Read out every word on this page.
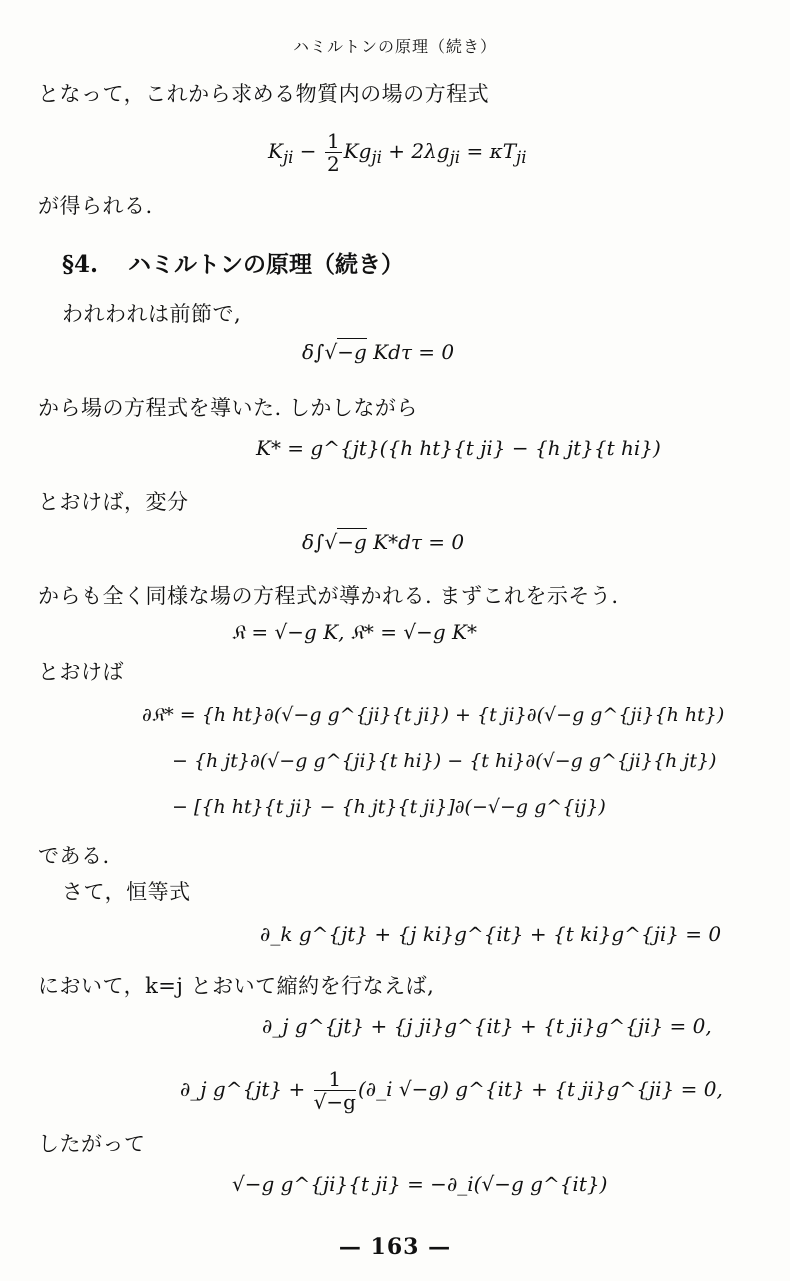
ハミルトンの原理（続き）
となって，これから求める物質内の場の方程式
$K_{ji} - \frac{1}{2} Kg_{ji} + 2\lambda g_{ji} = \kappa T_{ji}$
が得られる.
§4. ハミルトンの原理（続き）
われわれは前節で,
δ∫√−g Kdτ = 0
から場の方程式を導いた. しかしながら
K* = g^{jt}({h ht}{t ji} − {h jt}{t hi})
とおけば，変分
δ∫√−g K*dτ = 0
からも全く同様な場の方程式が導かれる. まずこれを示そう.
𝔎 = √−g K, 𝔎* = √−g K*
とおけば
∂𝔎* = {h ht}∂(√−g g^{ji}{t ji}) + {t ji}∂(√−g g^{ji}{h ht})
− {h jt}∂(√−g g^{ji}{t hi}) − {t hi}∂(√−g g^{ji}{h jt})
− [{h ht}{t ji} − {h jt}{t ji}]∂(−√−g g^{ij})
である.
さて，恒等式
∂_k g^{jt} + {j ki}g^{it} + {t ki}g^{ji} = 0
において，k=j とおいて縮約を行なえば,
∂_j g^{jt} + {j ji}g^{it} + {t ji}g^{ji} = 0,
∂_j g^{jt} + $\frac{1}{√-g}$ (∂_i √−g) g^{it} + {t ji}g^{ji} = 0,
したがって
√−g g^{ji}{t ji} = −∂_i(√−g g^{it})
— 163 —
